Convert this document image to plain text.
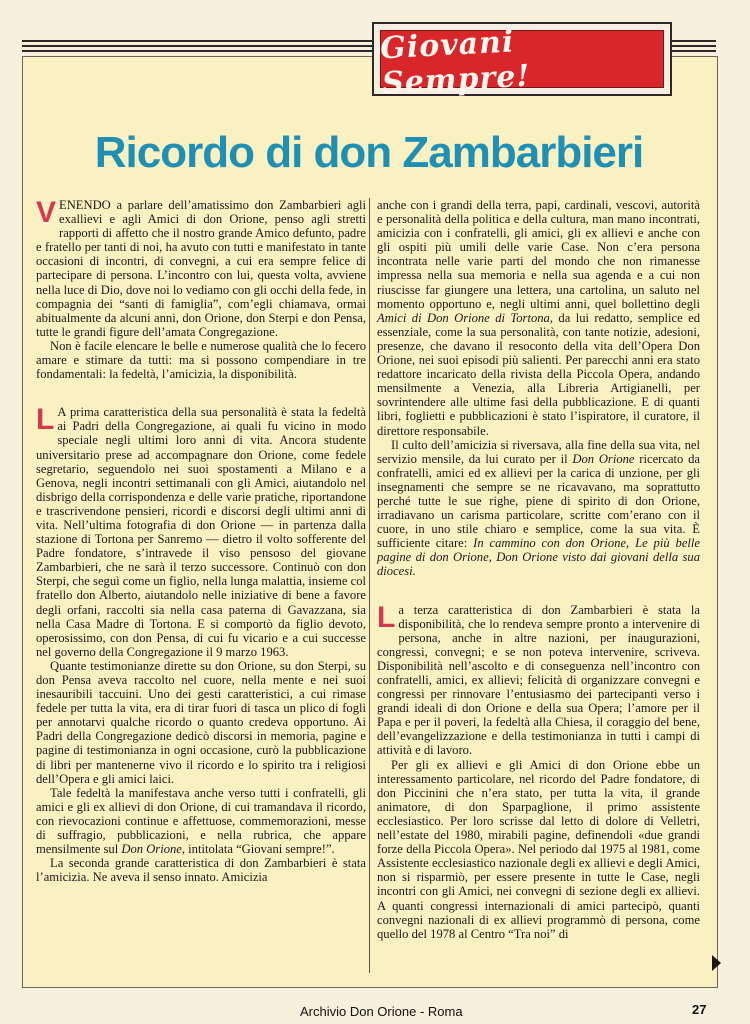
Giovani Sempre!
Ricordo di don Zambarbieri

VENENDO a parlare dell’amatissimo don Zambarbieri agli exallievi e agli Amici di don Orione, penso agli stretti rapporti di affetto che il nostro grande Amico defunto, padre e fratello per tanti di noi, ha avuto con tutti e manifestato in tante occasioni di incontri, di convegni, a cui era sempre felice di partecipare di persona. L’incontro con lui, questa volta, avviene nella luce di Dio, dove noi lo vediamo con gli occhi della fede, in compagnia dei “santi di famiglia”, com’egli chiamava, ormai abitualmente da alcuni anni, don Orione, don Sterpi e don Pensa, tutte le grandi figure dell’amata Congregazione.

Non è facile elencare le belle e numerose qualità che lo fecero amare e stimare da tutti: ma si possono compendiare in tre fondamentali: la fedeltà, l’amicizia, la disponibilità.

L A prima caratteristica della sua personalità è stata la fedeltà ai Padri della Congregazione, ai quali fu vicino in modo speciale negli ultimi loro anni di vita. Ancora studente universitario prese ad accompagnare don Orione, come fedele segretario, seguendolo nei suoi spostamenti a Milano e a Genova, negli incontri settimanali con gli Amici, aiutandolo nel disbrigo della corrispondenza e delle varie pratiche, riportandone e trascrivendone pensieri, ricordi e discorsi degli ultimi anni di vita. Nell’ultima fotografia di don Orione — in partenza dalla stazione di Tortona per Sanremo — dietro il volto sofferente del Padre fondatore, s’intravede il viso pensoso del giovane Zambarbieri, che ne sarà il terzo successore. Continuò con don Sterpi, che seguì come un figlio, nella lunga malattia, insieme col fratello don Alberto, aiutandolo nelle iniziative di bene a favore degli orfani, raccolti sia nella casa paterna di Gavazzana, sia nella Casa Madre di Tortona. E si comportò da figlio devoto, operosissimo, con don Pensa, di cui fu vicario e a cui successe nel governo della Congregazione il 9 marzo 1963.

Quante testimonianze dirette su don Orione, su don Sterpi, su don Pensa aveva raccolto nel cuore, nella mente e nei suoi inesauribili taccuini. Uno dei gesti caratteristici, a cui rimase fedele per tutta la vita, era di tirar fuori di tasca un plico di fogli per annotarvi qualche ricordo o quanto credeva opportuno. Ai Padri della Congregazione dedicò discorsi in memoria, pagine e pagine di testimonianza in ogni occasione, curò la pubblicazione di libri per mantenerne vivo il ricordo e lo spirito tra i religiosi dell’Opera e gli amici laici.

Tale fedeltà la manifestava anche verso tutti i confratelli, gli amici e gli ex allievi di don Orione, di cui tramandava il ricordo, con rievocazioni continue e affettuose, commemorazioni, messe di suffragio, pubblicazioni, e nella rubrica, che appare mensilmente sul Don Orione, intitolata “Giovani sempre!”.

La seconda grande caratteristica di don Zambarbieri è stata l’amicizia. Ne aveva il senso innato. Amicizia

anche con i grandi della terra, papi, cardinali, vescovi, autorità e personalità della politica e della cultura, man mano incontrati, amicizia con i confratelli, gli amici, gli ex allievi e anche con gli ospiti più umili delle varie Case. Non c’era persona incontrata nelle varie parti del mondo che non rimanesse impressa nella sua memoria e nella sua agenda e a cui non riuscisse far giungere una lettera, una cartolina, un saluto nel momento opportuno e, negli ultimi anni, quel bollettino degli Amici di Don Orione di Tortona, da lui redatto, semplice ed essenziale, come la sua personalità, con tante notizie, adesioni, presenze, che davano il resoconto della vita dell’Opera Don Orione, nei suoi episodi più salienti. Per parecchi anni era stato redattore incaricato della rivista della Piccola Opera, andando mensilmente a Venezia, alla Libreria Artigianelli, per sovrintendere alle ultime fasi della pubblicazione. E di quanti libri, foglietti e pubblicazioni è stato l’ispiratore, il curatore, il direttore responsabile.

Il culto dell’amicizia si riversava, alla fine della sua vita, nel servizio mensile, da lui curato per il Don Orione ricercato da confratelli, amici ed ex allievi per la carica di unzione, per gli insegnamenti che sempre se ne ricavavano, ma soprattutto perché tutte le sue righe, piene di spirito di don Orione, irradiavano un carisma particolare, scritte com’erano con il cuore, in uno stile chiaro e semplice, come la sua vita. È sufficiente citare: In cammino con don Orione, Le più belle pagine di don Orione, Don Orione visto dai giovani della sua diocesi.

La terza caratteristica di don Zambarbieri è stata la disponibilità, che lo rendeva sempre pronto a intervenire di persona, anche in altre nazioni, per inaugurazioni, congressi, convegni; e se non poteva intervenire, scriveva. Disponibilità nell’ascolto e di conseguenza nell’incontro con confratelli, amici, ex allievi; felicità di organizzare convegni e congressi per rinnovare l’entusiasmo dei partecipanti verso i grandi ideali di don Orione e della sua Opera; l’amore per il Papa e per il poveri, la fedeltà alla Chiesa, il coraggio del bene, dell’evangelizzazione e della testimonianza in tutti i campi di attività e di lavoro.

Per gli ex allievi e gli Amici di don Orione ebbe un interessamento particolare, nel ricordo del Padre fondatore, di don Piccinini che n’era stato, per tutta la vita, il grande animatore, di don Sparpaglione, il primo assistente ecclesiastico. Per loro scrisse dal letto di dolore di Velletri, nell’estate del 1980, mirabili pagine, definendoli «due grandi forze della Piccola Opera». Nel periodo dal 1975 al 1981, come Assistente ecclesiastico nazionale degli ex allievi e degli Amici, non si risparmiò, per essere presente in tutte le Case, negli incontri con gli Amici, nei convegni di sezione degli ex allievi. A quanti congressi internazionali di amici partecipò, quanti convegni nazionali di ex allievi programmò di persona, come quello del 1978 al Centro “Tra noi” di

Archivio Don Orione - Roma	27
